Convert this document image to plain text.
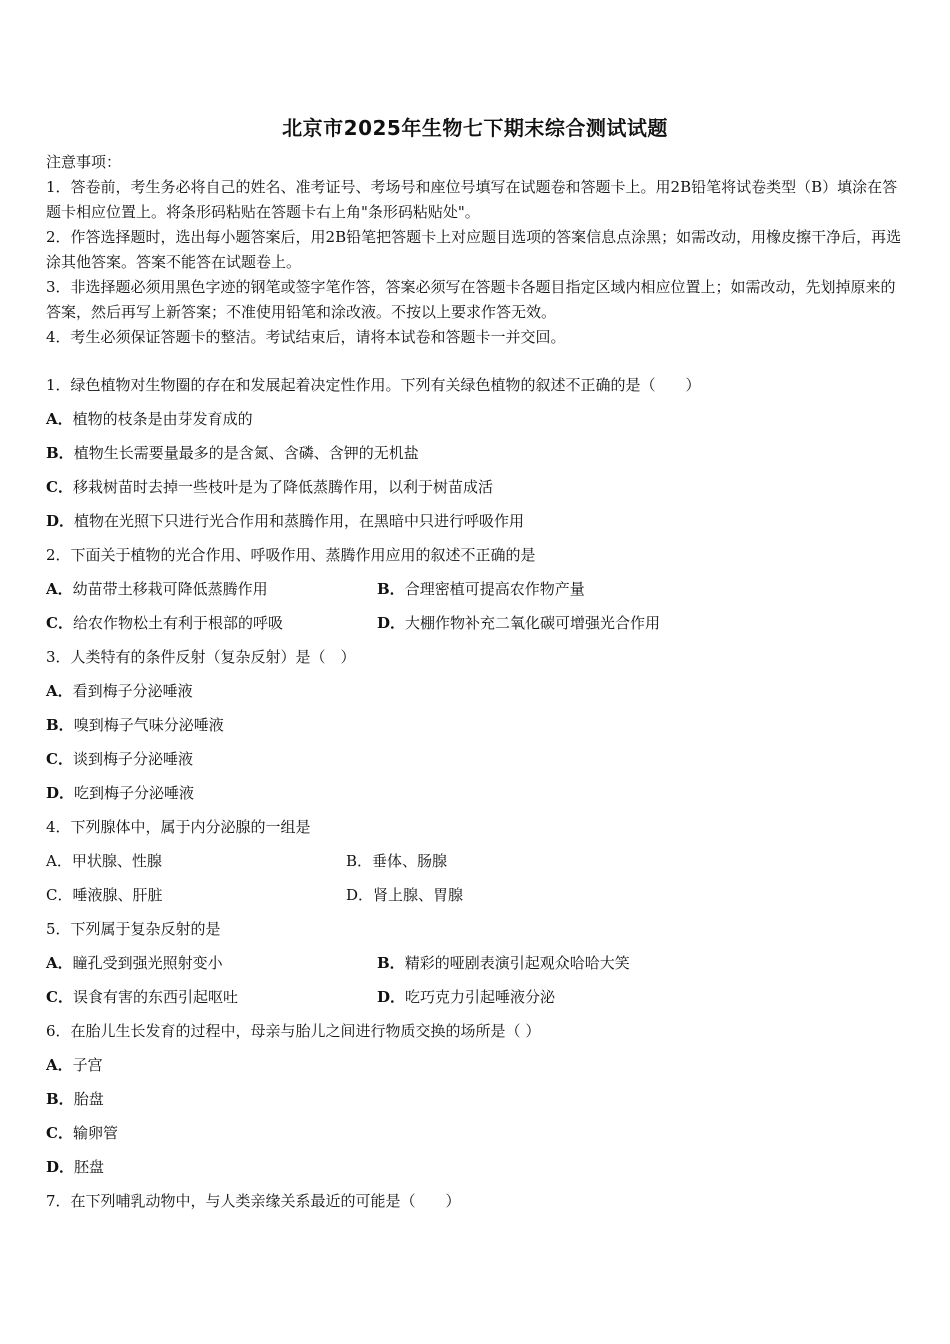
北京市2025年生物七下期末综合测试试题

注意事项：

1．答卷前，考生务必将自己的姓名、准考证号、考场号和座位号填写在试题卷和答题卡上。用2B铅笔将试卷类型（B）填涂在答题卡相应位置上。将条形码粘贴在答题卡右上角"条形码粘贴处"。

2．作答选择题时，选出每小题答案后，用2B铅笔把答题卡上对应题目选项的答案信息点涂黑；如需改动，用橡皮擦干净后，再选涂其他答案。答案不能答在试题卷上。

3．非选择题必须用黑色字迹的钢笔或签字笔作答，答案必须写在答题卡各题目指定区域内相应位置上；如需改动，先划掉原来的答案，然后再写上新答案；不准使用铅笔和涂改液。不按以上要求作答无效。

4．考生必须保证答题卡的整洁。考试结束后，请将本试卷和答题卡一并交回。

1．绿色植物对生物圈的存在和发展起着决定性作用。下列有关绿色植物的叙述不正确的是（　　）
A．植物的枝条是由芽发育成的
B．植物生长需要量最多的是含氮、含磷、含钾的无机盐
C．移栽树苗时去掉一些枝叶是为了降低蒸腾作用，以利于树苗成活
D．植物在光照下只进行光合作用和蒸腾作用，在黑暗中只进行呼吸作用
2．下面关于植物的光合作用、呼吸作用、蒸腾作用应用的叙述不正确的是
A．幼苗带土移栽可降低蒸腾作用	B．合理密植可提高农作物产量
C．给农作物松土有利于根部的呼吸	D．大棚作物补充二氧化碳可增强光合作用
3．人类特有的条件反射（复杂反射）是（　）
A．看到梅子分泌唾液
B．嗅到梅子气味分泌唾液
C．谈到梅子分泌唾液
D．吃到梅子分泌唾液
4．下列腺体中，属于内分泌腺的一组是
A．甲状腺、性腺	B．垂体、肠腺
C．唾液腺、肝脏	D．肾上腺、胃腺
5．下列属于复杂反射的是
A．瞳孔受到强光照射变小	B．精彩的哑剧表演引起观众哈哈大笑
C．误食有害的东西引起呕吐	D．吃巧克力引起唾液分泌
6．在胎儿生长发育的过程中，母亲与胎儿之间进行物质交换的场所是（ ）
A．子宫
B．胎盘
C．输卵管
D．胚盘
7．在下列哺乳动物中，与人类亲缘关系最近的可能是（　　）
